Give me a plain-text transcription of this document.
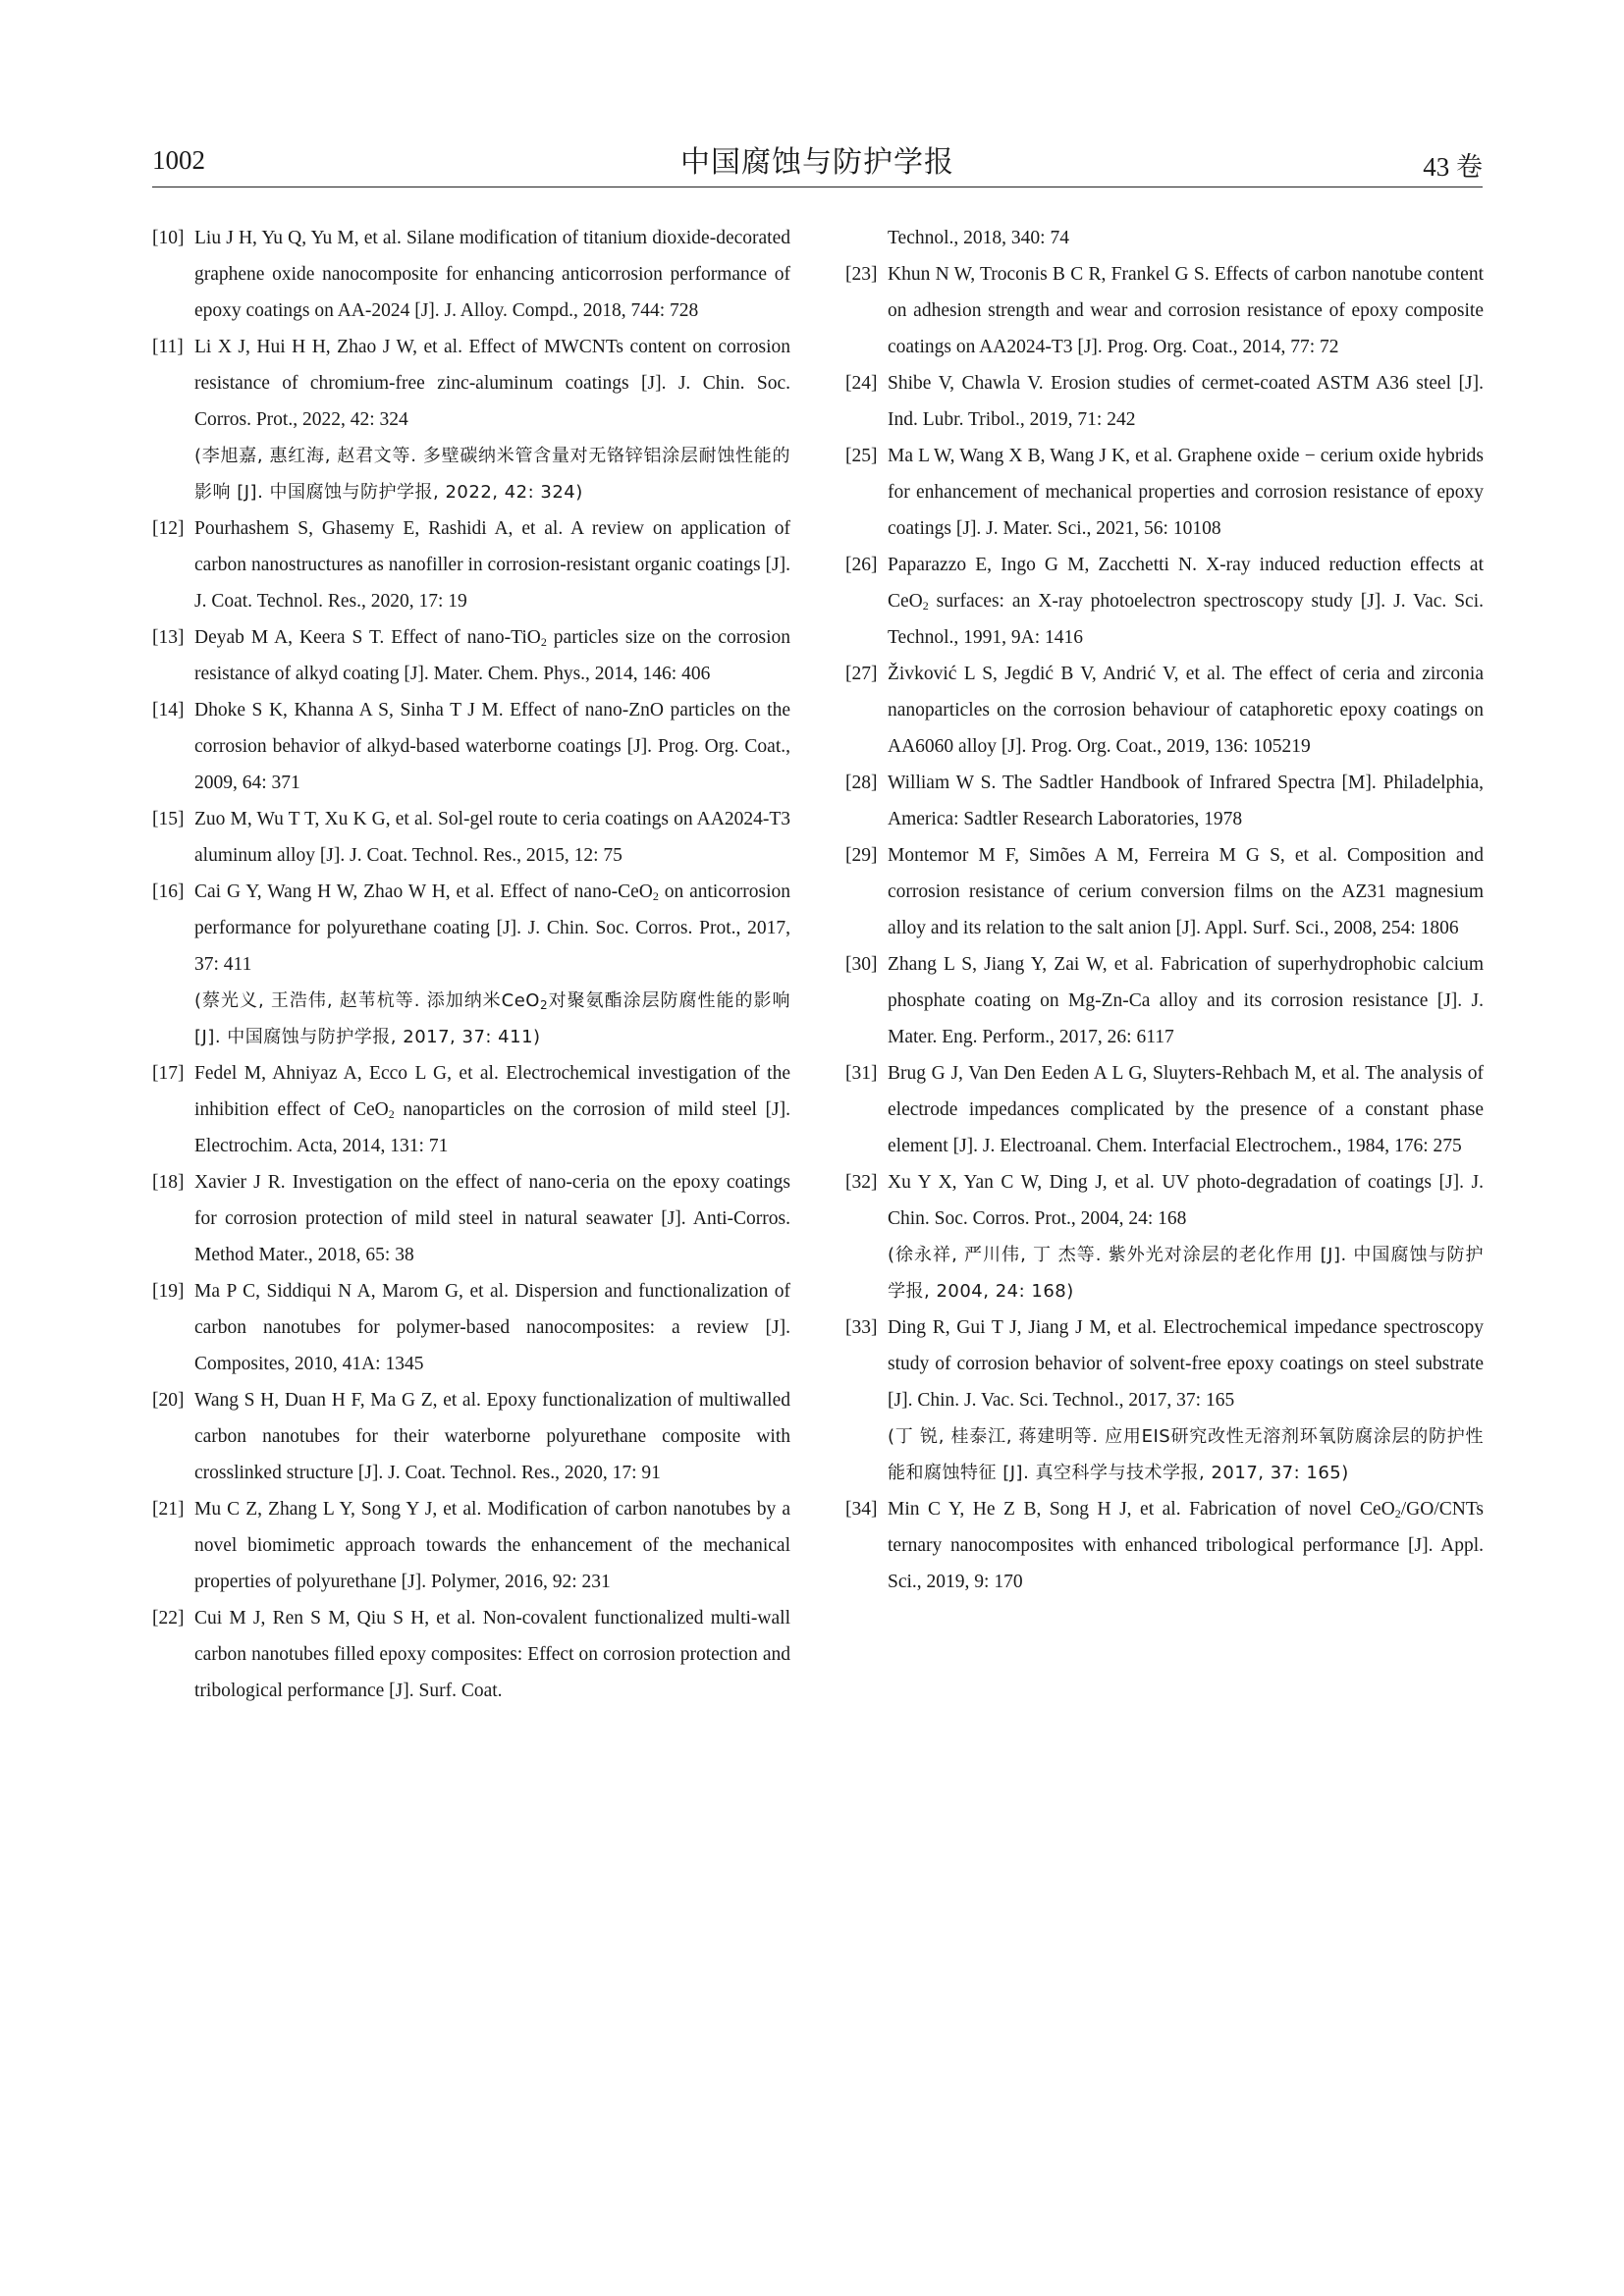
1002	中国腐蚀与防护学报	43 卷
[10] Liu J H, Yu Q, Yu M, et al. Silane modification of titanium dioxide-decorated graphene oxide nanocomposite for enhancing anticorrosion performance of epoxy coatings on AA-2024 [J]. J. Alloy. Compd., 2018, 744: 728
[11] Li X J, Hui H H, Zhao J W, et al. Effect of MWCNTs content on corrosion resistance of chromium-free zinc-aluminum coatings [J]. J. Chin. Soc. Corros. Prot., 2022, 42: 324
(李旭嘉, 惠红海, 赵君文等. 多壁碳纳米管含量对无铬锌铝涂层耐蚀性能的影响 [J]. 中国腐蚀与防护学报, 2022, 42: 324)
[12] Pourhashem S, Ghasemy E, Rashidi A, et al. A review on application of carbon nanostructures as nanofiller in corrosion-resistant organic coatings [J]. J. Coat. Technol. Res., 2020, 17: 19
[13] Deyab M A, Keera S T. Effect of nano-TiO$_2$ particles size on the corrosion resistance of alkyd coating [J]. Mater. Chem. Phys., 2014, 146: 406
[14] Dhoke S K, Khanna A S, Sinha T J M. Effect of nano-ZnO particles on the corrosion behavior of alkyd-based waterborne coatings [J]. Prog. Org. Coat., 2009, 64: 371
[15] Zuo M, Wu T T, Xu K G, et al. Sol-gel route to ceria coatings on AA2024-T3 aluminum alloy [J]. J. Coat. Technol. Res., 2015, 12: 75
[16] Cai G Y, Wang H W, Zhao W H, et al. Effect of nano-CeO$_2$ on anticorrosion performance for polyurethane coating [J]. J. Chin. Soc. Corros. Prot., 2017, 37: 411
(蔡光义, 王浩伟, 赵苇杭等. 添加纳米CeO$_2$对聚氨酯涂层防腐性能的影响 [J]. 中国腐蚀与防护学报, 2017, 37: 411)
[17] Fedel M, Ahniyaz A, Ecco L G, et al. Electrochemical investigation of the inhibition effect of CeO$_2$ nanoparticles on the corrosion of mild steel [J]. Electrochim. Acta, 2014, 131: 71
[18] Xavier J R. Investigation on the effect of nano-ceria on the epoxy coatings for corrosion protection of mild steel in natural seawater [J]. Anti-Corros. Method Mater., 2018, 65: 38
[19] Ma P C, Siddiqui N A, Marom G, et al. Dispersion and functionalization of carbon nanotubes for polymer-based nanocomposites: a review [J]. Composites, 2010, 41A: 1345
[20] Wang S H, Duan H F, Ma G Z, et al. Epoxy functionalization of multiwalled carbon nanotubes for their waterborne polyurethane composite with crosslinked structure [J]. J. Coat. Technol. Res., 2020, 17: 91
[21] Mu C Z, Zhang L Y, Song Y J, et al. Modification of carbon nanotubes by a novel biomimetic approach towards the enhancement of the mechanical properties of polyurethane [J]. Polymer, 2016, 92: 231
[22] Cui M J, Ren S M, Qiu S H, et al. Non-covalent functionalized multi-wall carbon nanotubes filled epoxy composites: Effect on corrosion protection and tribological performance [J]. Surf. Coat.
Technol., 2018, 340: 74
[23] Khun N W, Troconis B C R, Frankel G S. Effects of carbon nanotube content on adhesion strength and wear and corrosion resistance of epoxy composite coatings on AA2024-T3 [J]. Prog. Org. Coat., 2014, 77: 72
[24] Shibe V, Chawla V. Erosion studies of cermet-coated ASTM A36 steel [J]. Ind. Lubr. Tribol., 2019, 71: 242
[25] Ma L W, Wang X B, Wang J K, et al. Graphene oxide − cerium oxide hybrids for enhancement of mechanical properties and corrosion resistance of epoxy coatings [J]. J. Mater. Sci., 2021, 56: 10108
[26] Paparazzo E, Ingo G M, Zacchetti N. X-ray induced reduction effects at CeO$_2$ surfaces: an X-ray photoelectron spectroscopy study [J]. J. Vac. Sci. Technol., 1991, 9A: 1416
[27] Živković L S, Jegdić B V, Andrić V, et al. The effect of ceria and zirconia nanoparticles on the corrosion behaviour of cataphoretic epoxy coatings on AA6060 alloy [J]. Prog. Org. Coat., 2019, 136: 105219
[28] William W S. The Sadtler Handbook of Infrared Spectra [M]. Philadelphia, America: Sadtler Research Laboratories, 1978
[29] Montemor M F, Simões A M, Ferreira M G S, et al. Composition and corrosion resistance of cerium conversion films on the AZ31 magnesium alloy and its relation to the salt anion [J]. Appl. Surf. Sci., 2008, 254: 1806
[30] Zhang L S, Jiang Y, Zai W, et al. Fabrication of superhydrophobic calcium phosphate coating on Mg-Zn-Ca alloy and its corrosion resistance [J]. J. Mater. Eng. Perform., 2017, 26: 6117
[31] Brug G J, Van Den Eeden A L G, Sluyters-Rehbach M, et al. The analysis of electrode impedances complicated by the presence of a constant phase element [J]. J. Electroanal. Chem. Interfacial Electrochem., 1984, 176: 275
[32] Xu Y X, Yan C W, Ding J, et al. UV photo-degradation of coatings [J]. J. Chin. Soc. Corros. Prot., 2004, 24: 168
(徐永祥, 严川伟, 丁 杰等. 紫外光对涂层的老化作用 [J]. 中国腐蚀与防护学报, 2004, 24: 168)
[33] Ding R, Gui T J, Jiang J M, et al. Electrochemical impedance spectroscopy study of corrosion behavior of solvent-free epoxy coatings on steel substrate [J]. Chin. J. Vac. Sci. Technol., 2017, 37: 165
(丁 锐, 桂泰江, 蒋建明等. 应用EIS研究改性无溶剂环氧防腐涂层的防护性能和腐蚀特征 [J]. 真空科学与技术学报, 2017, 37: 165)
[34] Min C Y, He Z B, Song H J, et al. Fabrication of novel CeO$_2$/GO/CNTs ternary nanocomposites with enhanced tribological performance [J]. Appl. Sci., 2019, 9: 170
